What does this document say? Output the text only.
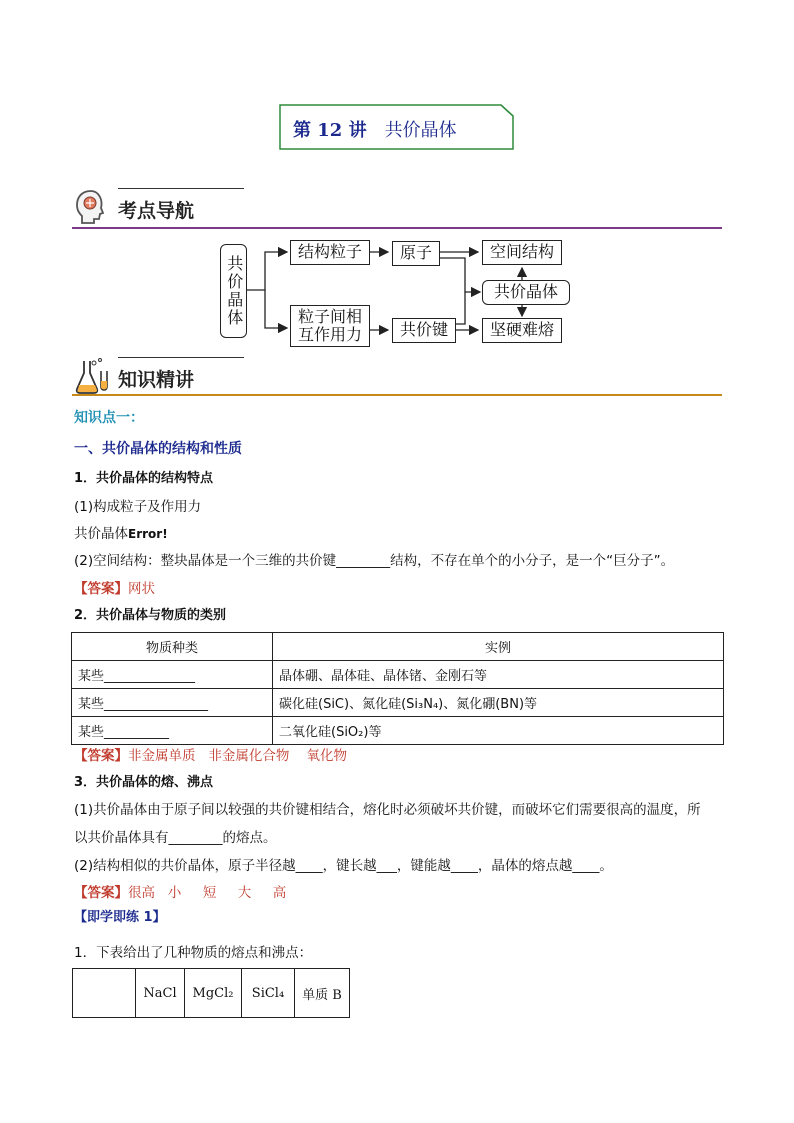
第 12 讲 共价晶体
考点导航
共价晶体
结构粒子	原子	空间结构
共价晶体
粒子间相互作用力	共价键	坚硬难熔
知识精讲
知识点一：
一、共价晶体的结构和性质
1．共价晶体的结构特点
(1)构成粒子及作用力
共价晶体Error!
(2)空间结构：整块晶体是一个三维的共价键________结构，不存在单个的小分子，是一个“巨分子”。
【答案】网状
2．共价晶体与物质的类别
物质种类	实例
某些______________	晶体硼、晶体硅、晶体锗、金刚石等
某些________________	碳化硅(SiC)、氮化硅(Si₃N₄)、氮化硼(BN)等
某些__________	二氧化硅(SiO₂)等
【答案】非金属单质   非金属化合物    氧化物
3．共价晶体的熔、沸点
(1)共价晶体由于原子间以较强的共价键相结合，熔化时必须破坏共价键，而破坏它们需要很高的温度，所
以共价晶体具有________的熔点。
(2)结构相似的共价晶体，原子半径越____，键长越___，键能越____，晶体的熔点越____。
【答案】很高   小     短     大     高
【即学即练 1】
1．下表给出了几种物质的熔点和沸点：
	NaCl	MgCl₂	SiCl₄	单质 B
